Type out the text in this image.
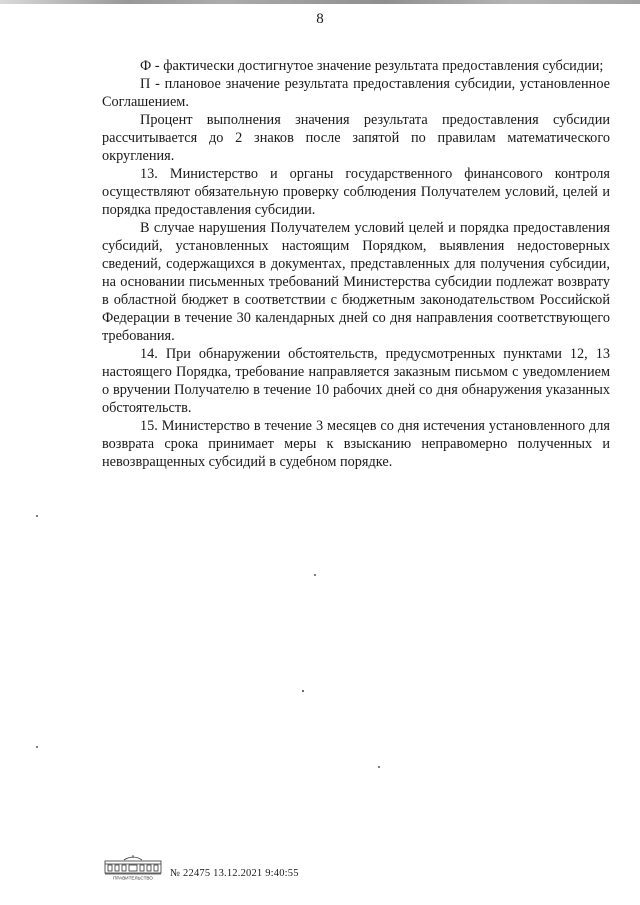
8

Ф - фактически достигнутое значение результата предоставления субсидии;

П - плановое значение результата предоставления субсидии, установленное Соглашением.

Процент выполнения значения результата предоставления субсидии рассчитывается до 2 знаков после запятой по правилам математического округления.

13. Министерство и органы государственного финансового контроля осуществляют обязательную проверку соблюдения Получателем условий, целей и порядка предоставления субсидии.

В случае нарушения Получателем условий целей и порядка предоставления субсидий, установленных настоящим Порядком, выявления недостоверных сведений, содержащихся в документах, представленных для получения субсидии, на основании письменных требований Министерства субсидии подлежат возврату в областной бюджет в соответствии с бюджетным законодательством Российской Федерации в течение 30 календарных дней со дня направления соответствующего требования.

14. При обнаружении обстоятельств, предусмотренных пунктами 12, 13 настоящего Порядка, требование направляется заказным письмом с уведомлением о вручении Получателю в течение 10 рабочих дней со дня обнаружения указанных обстоятельств.

15. Министерство в течение 3 месяцев со дня истечения установленного для возврата срока принимает меры к взысканию неправомерно полученных и невозвращенных субсидий в судебном порядке.

ПРАВИТЕЛЬСТВО № 22475 13.12.2021 9:40:55
